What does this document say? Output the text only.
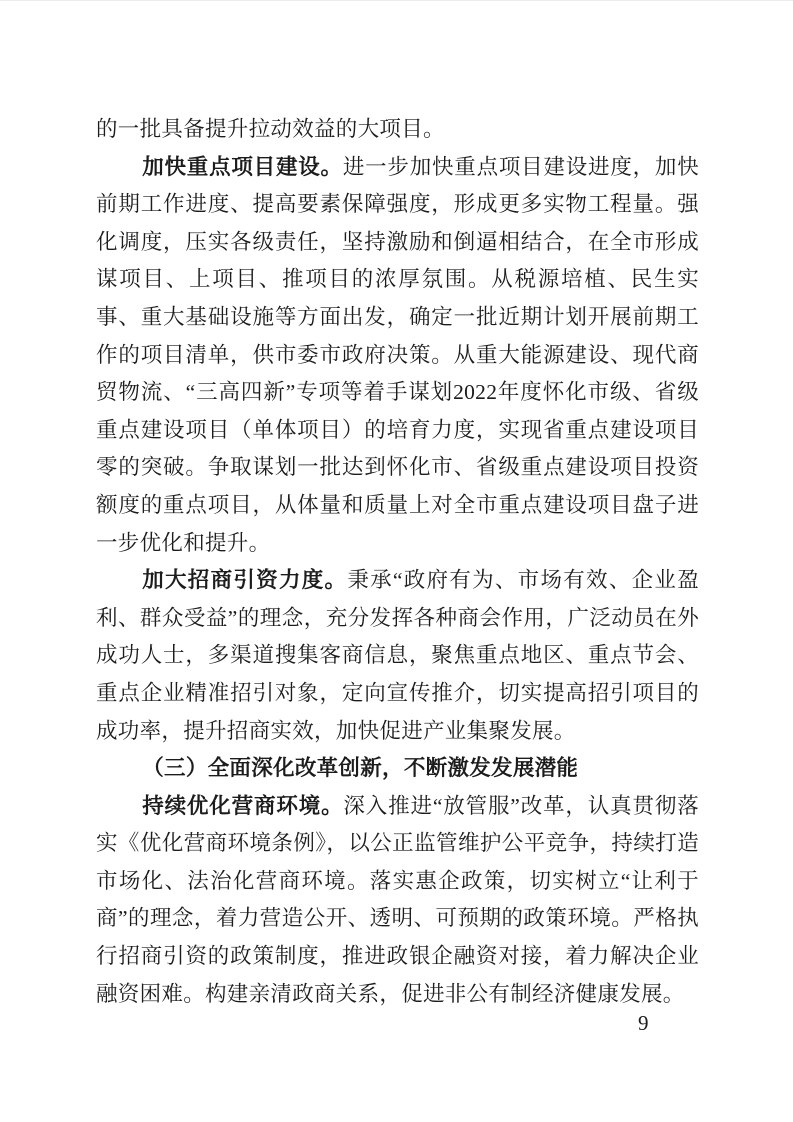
的一批具备提升拉动效益的大项目。

加快重点项目建设。进一步加快重点项目建设进度，加快前期工作进度、提高要素保障强度，形成更多实物工程量。强化调度，压实各级责任，坚持激励和倒逼相结合，在全市形成谋项目、上项目、推项目的浓厚氛围。从税源培植、民生实事、重大基础设施等方面出发，确定一批近期计划开展前期工作的项目清单，供市委市政府决策。从重大能源建设、现代商贸物流、“三高四新”专项等着手谋划2022年度怀化市级、省级重点建设项目（单体项目）的培育力度，实现省重点建设项目零的突破。争取谋划一批达到怀化市、省级重点建设项目投资额度的重点项目，从体量和质量上对全市重点建设项目盘子进一步优化和提升。

加大招商引资力度。秉承“政府有为、市场有效、企业盈利、群众受益”的理念，充分发挥各种商会作用，广泛动员在外成功人士，多渠道搜集客商信息，聚焦重点地区、重点节会、重点企业精准招引对象，定向宣传推介，切实提高招引项目的成功率，提升招商实效，加快促进产业集聚发展。

（三）全面深化改革创新，不断激发发展潜能

持续优化营商环境。深入推进“放管服”改革，认真贯彻落实《优化营商环境条例》，以公正监管维护公平竞争，持续打造市场化、法治化营商环境。落实惠企政策，切实树立“让利于商”的理念，着力营造公开、透明、可预期的政策环境。严格执行招商引资的政策制度，推进政银企融资对接，着力解决企业融资困难。构建亲清政商关系，促进非公有制经济健康发展。

9
